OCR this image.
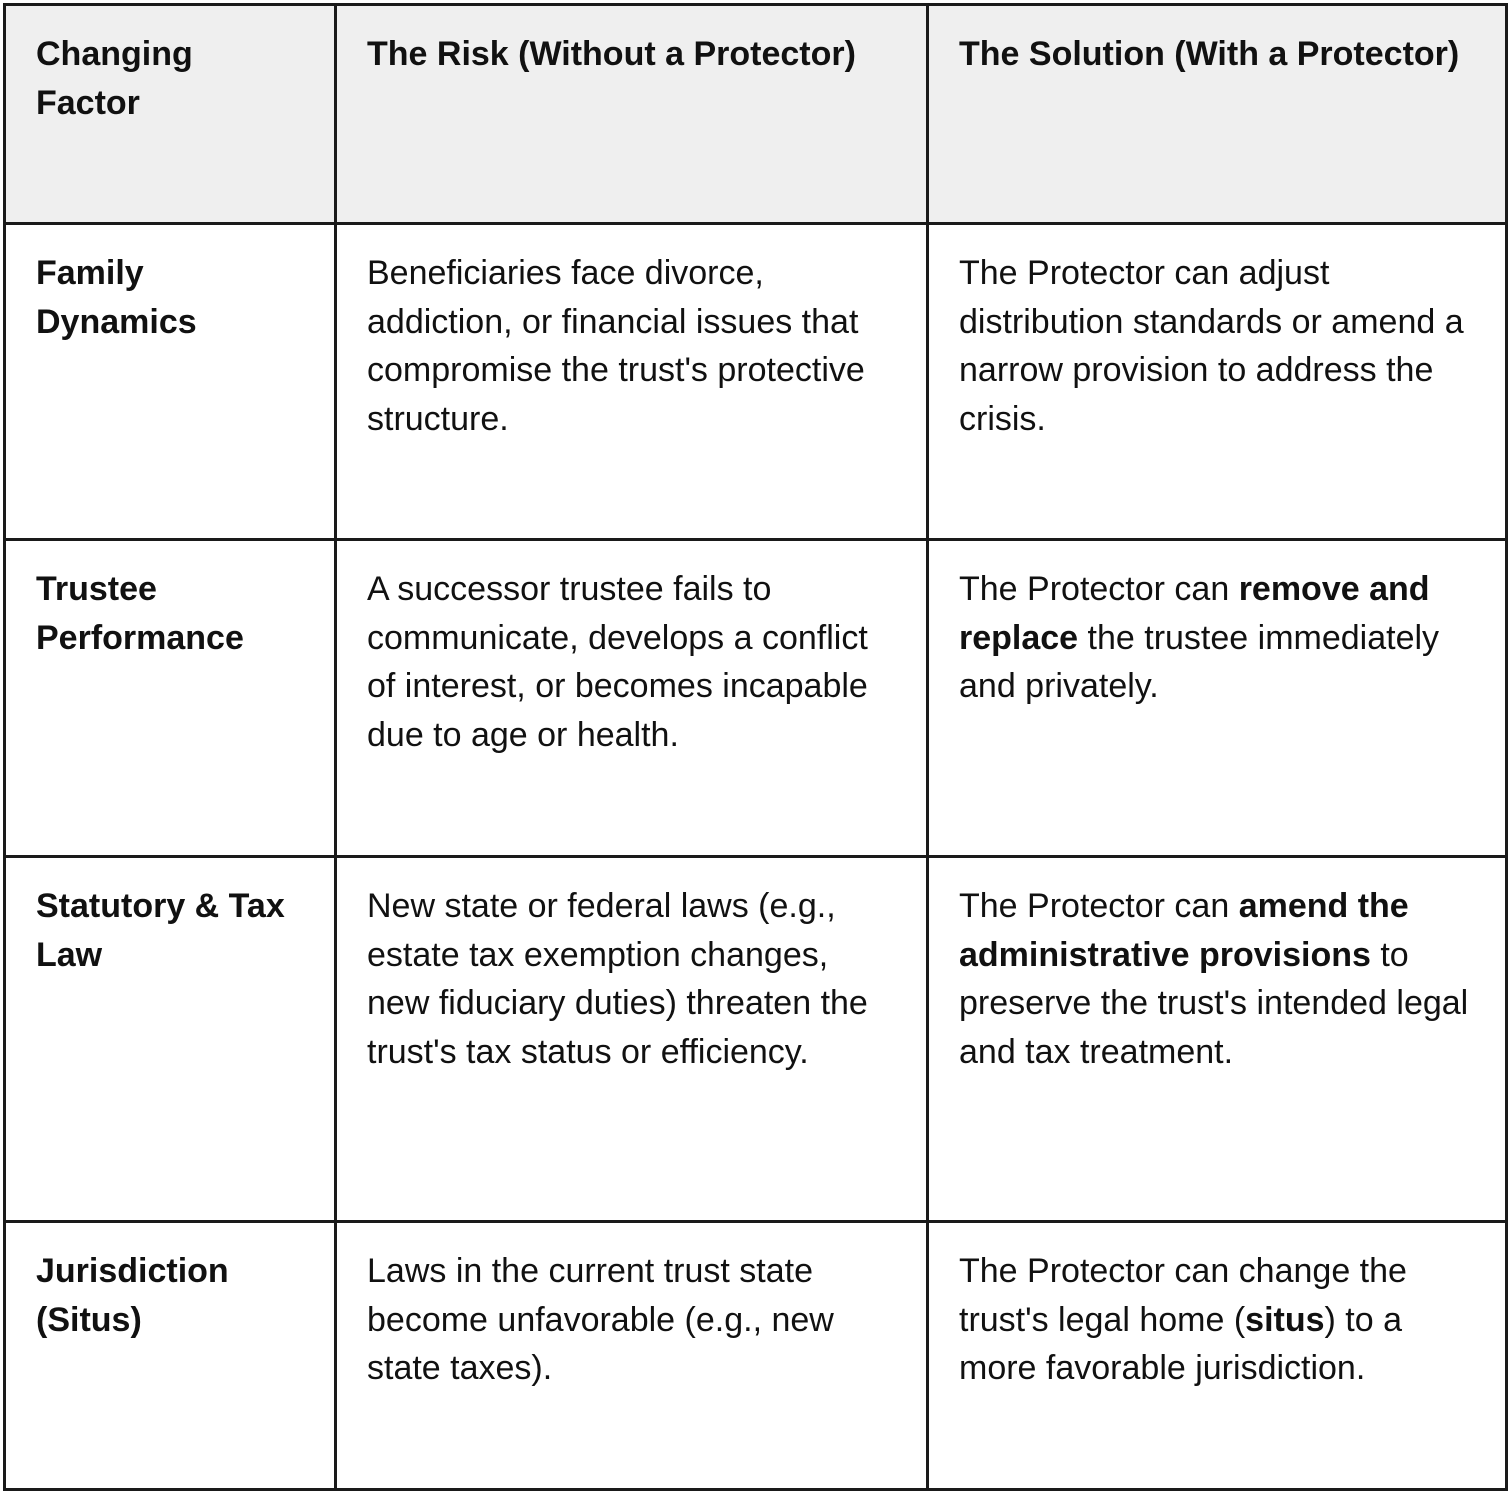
Changing Factor	The Risk (Without a Protector)	The Solution (With a Protector)
Family Dynamics	Beneficiaries face divorce, addiction, or financial issues that compromise the trust's protective structure.	The Protector can adjust distribution standards or amend a narrow provision to address the crisis.
Trustee Performance	A successor trustee fails to communicate, develops a conflict of interest, or becomes incapable due to age or health.	The Protector can remove and replace the trustee immediately and privately.
Statutory & Tax Law	New state or federal laws (e.g., estate tax exemption changes, new fiduciary duties) threaten the trust's tax status or efficiency.	The Protector can amend the administrative provisions to preserve the trust's intended legal and tax treatment.
Jurisdiction (Situs)	Laws in the current trust state become unfavorable (e.g., new state taxes).	The Protector can change the trust's legal home (situs) to a more favorable jurisdiction.
